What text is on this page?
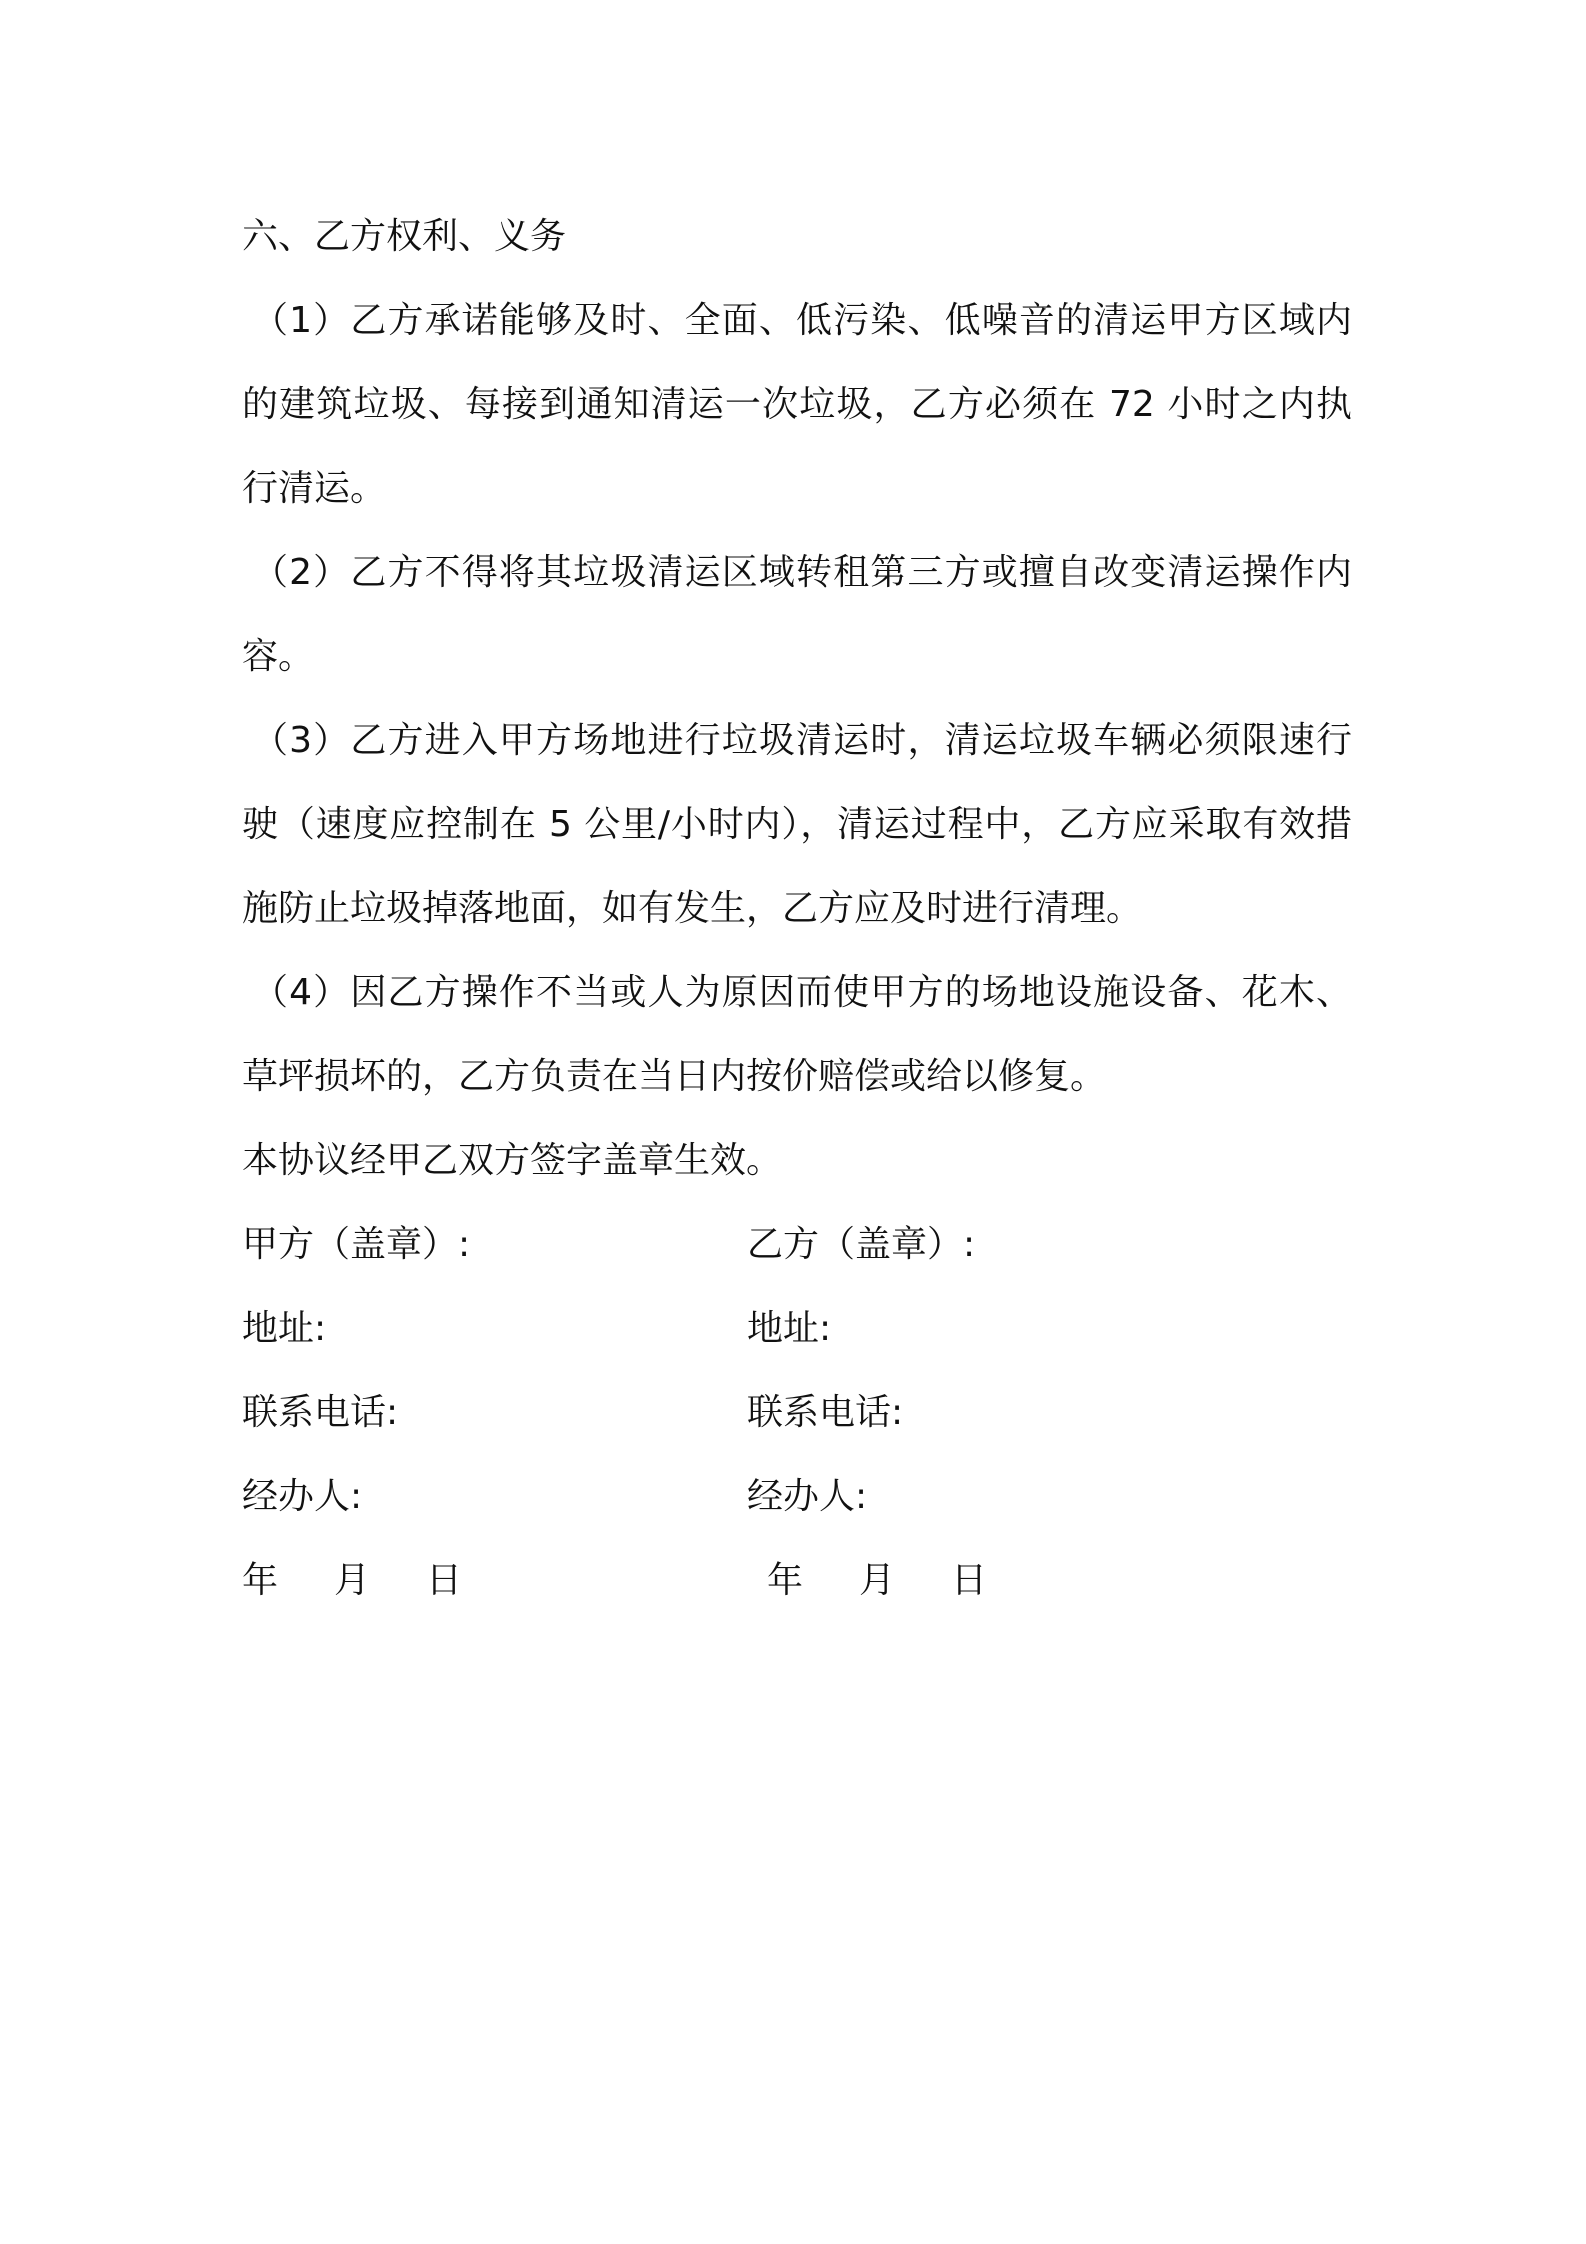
六、乙方权利、义务

（1）乙方承诺能够及时、全面、低污染、低噪音的清运甲方区域内的建筑垃圾、每接到通知清运一次垃圾，乙方必须在 72 小时之内执行清运。

（2）乙方不得将其垃圾清运区域转租第三方或擅自改变清运操作内容。

（3）乙方进入甲方场地进行垃圾清运时，清运垃圾车辆必须限速行驶（速度应控制在 5 公里/小时内），清运过程中，乙方应采取有效措施防止垃圾掉落地面，如有发生，乙方应及时进行清理。

（4）因乙方操作不当或人为原因而使甲方的场地设施设备、花木、草坪损坏的，乙方负责在当日内按价赔偿或给以修复。

本协议经甲乙双方签字盖章生效。

甲方（盖章）:	乙方（盖章）:
地址:	地址:
联系电话:	联系电话:
经办人:	经办人:
年 月 日	年 月 日
